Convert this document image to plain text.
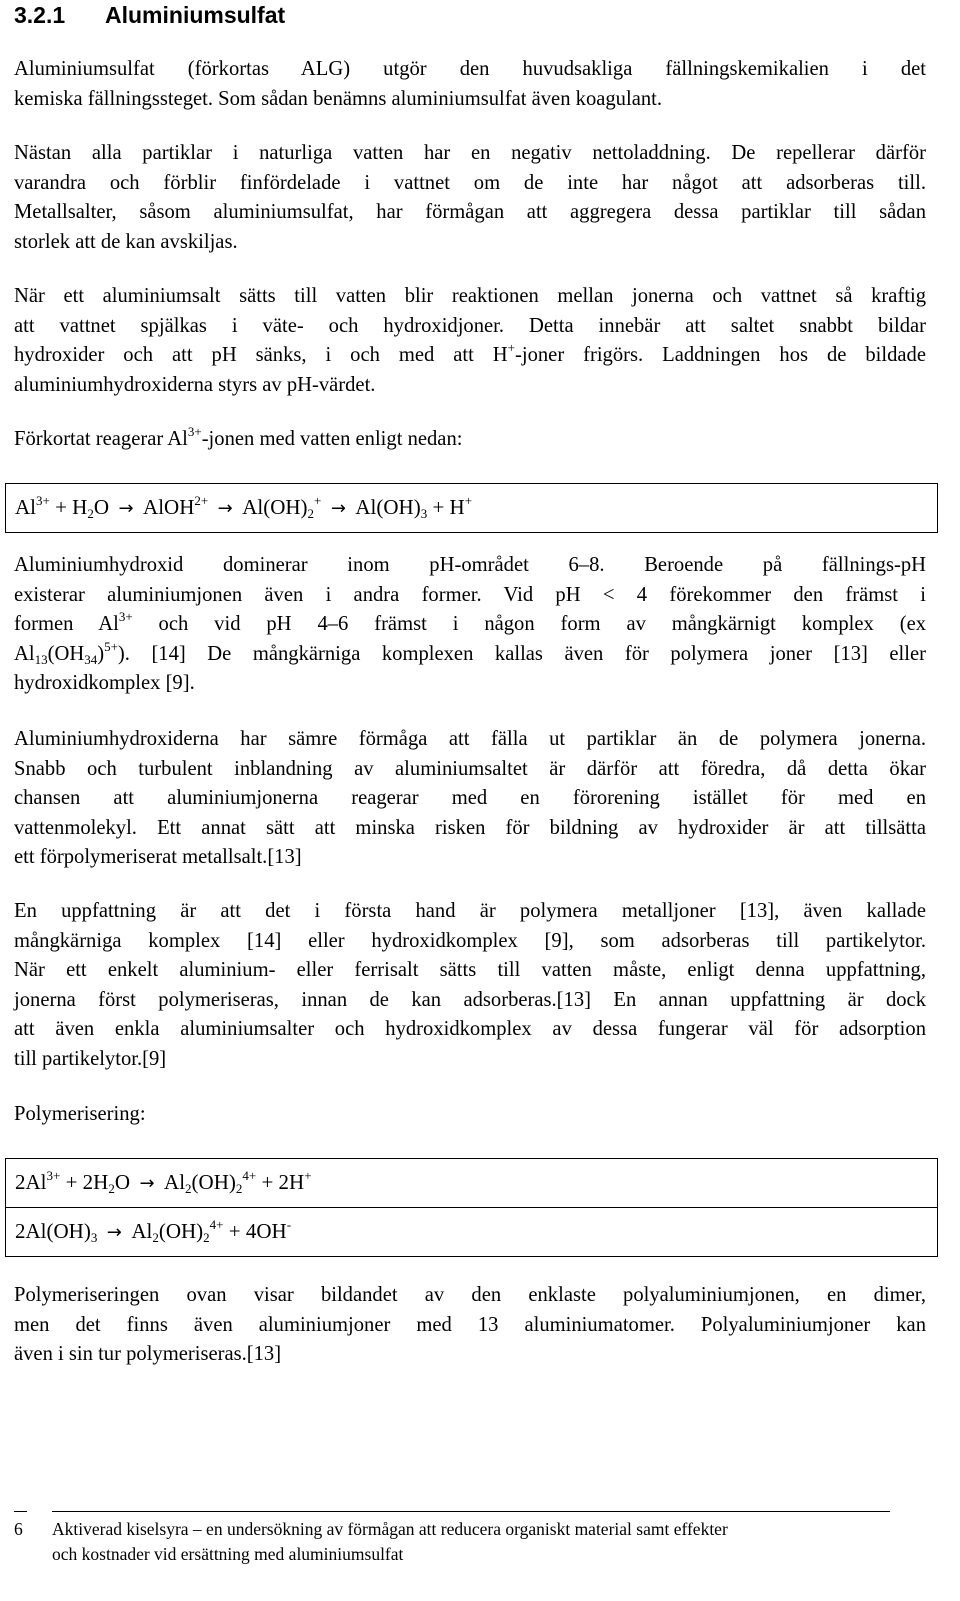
3.2.1 Aluminiumsulfat

Aluminiumsulfat (förkortas ALG) utgör den huvudsakliga fällningskemikalien i det
kemiska fällningssteget. Som sådan benämns aluminiumsulfat även koagulant.

Nästan alla partiklar i naturliga vatten har en negativ nettoladdning. De repellerar därför
varandra och förblir finfördelade i vattnet om de inte har något att adsorberas till.
Metallsalter, såsom aluminiumsulfat, har förmågan att aggregera dessa partiklar till sådan
storlek att de kan avskiljas.

När ett aluminiumsalt sätts till vatten blir reaktionen mellan jonerna och vattnet så kraftig
att vattnet spjälkas i väte- och hydroxidjoner. Detta innebär att saltet snabbt bildar
hydroxider och att pH sänks, i och med att H+-joner frigörs. Laddningen hos de bildade
aluminiumhydroxiderna styrs av pH-värdet.

Förkortat reagerar $Al^{3+}$-jonen med vatten enligt nedan:

$Al^{3+} + H_2O$ → AlOH$^{2+}$ → $Al(OH)_2^+ \to Al(OH)_3 + H^+$

Aluminiumhydroxid dominerar inom pH-området 6–8. Beroende på fällnings-pH
existerar aluminiumjonen även i andra former. Vid pH < 4 förekommer den främst i
formen $Al^{3+}$ och vid pH 4–6 främst i någon form av mångkärnigt komplex (ex
$Al_{13}(OH_{34})^{5+}$). [14] De mångkärniga komplexen kallas även för polymera joner [13] eller
hydroxidkomplex [9].

Aluminiumhydroxiderna har sämre förmåga att fälla ut partiklar än de polymera jonerna.
Snabb och turbulent inblandning av aluminiumsaltet är därför att föredra, då detta ökar
chansen att aluminiumjonerna reagerar med en förorening istället för med en
vattenmolekyl. Ett annat sätt att minska risken för bildning av hydroxider är att tillsätta
ett förpolymeriserat metallsalt.[13]

En uppfattning är att det i första hand är polymera metalljoner [13], även kallade
mångkärniga komplex [14] eller hydroxidkomplex [9], som adsorberas till partikelytor.
När ett enkelt aluminium- eller ferrisalt sätts till vatten måste, enligt denna uppfattning,
jonerna först polymeriseras, innan de kan adsorberas.[13] En annan uppfattning är dock
att även enkla aluminiumsalter och hydroxidkomplex av dessa fungerar väl för adsorption
till partikelytor.[9]

Polymerisering:

$2Al^{3+} + 2H_2O \to Al_2(OH)_2^{4+} + 2H^+$
$2Al(OH)_3 \to Al_2(OH)_2^{4+} + 4OH^-$

Polymeriseringen ovan visar bildandet av den enklaste polyaluminiumjonen, en dimer,
men det finns även aluminiumjoner med 13 aluminiumatomer. Polyaluminiumjoner kan
även i sin tur polymeriseras.[13]

6 Aktiverad kiselsyra – en undersökning av förmågan att reducera organiskt material samt effekter
och kostnader vid ersättning med aluminiumsulfat
